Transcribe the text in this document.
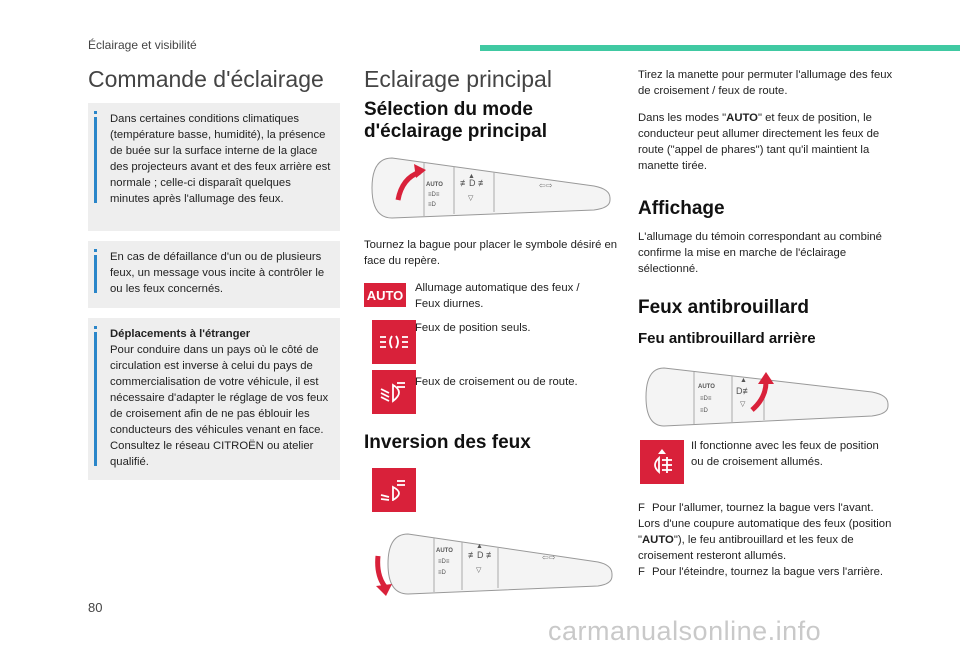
Éclairage et visibilité
80
carmanualsonline.info
Commande d'éclairage
Dans certaines conditions climatiques (température basse, humidité), la présence de buée sur la surface interne de la glace des projecteurs avant et des feux arrière est normale ; celle-ci disparaît quelques minutes après l'allumage des feux.
En cas de défaillance d'un ou de plusieurs feux, un message vous incite à contrôler le ou les feux concernés.
Déplacements à l'étranger
Pour conduire dans un pays où le côté de circulation est inverse à celui du pays de commercialisation de votre véhicule, il est nécessaire d'adapter le réglage de vos feux de croisement afin de ne pas éblouir les conducteurs des véhicules venant en face. Consultez le réseau CITROËN ou atelier qualifié.
Eclairage principal
Sélection du mode d'éclairage principal
AUTO
≡D≡
≡D
≢D ≢
▲
▽
⇦⇨
Tournez la bague pour placer le symbole désiré en face du repère.
AUTO Allumage automatique des feux / Feux diurnes.
Feux de position seuls.
Feux de croisement ou de route.
Inversion des feux
AUTO
≡D≡
≡D
≢D ≢
▲
▽
⇦⇨
Tirez la manette pour permuter l'allumage des feux de croisement / feux de route.
Dans les modes "AUTO" et feux de position, le conducteur peut allumer directement les feux de route ("appel de phares") tant qu'il maintient la manette tirée.
Affichage
L'allumage du témoin correspondant au combiné confirme la mise en marche de l'éclairage sélectionné.
Feux antibrouillard
Feu antibrouillard arrière
AUTO
≡D≡
≡D
▲
D≢
▽
Il fonctionne avec les feux de position ou de croisement allumés.
F Pour l'allumer, tournez la bague vers l'avant.
Lors d'une coupure automatique des feux (position "AUTO"), le feu antibrouillard et les feux de croisement resteront allumés.
F Pour l'éteindre, tournez la bague vers l'arrière.
